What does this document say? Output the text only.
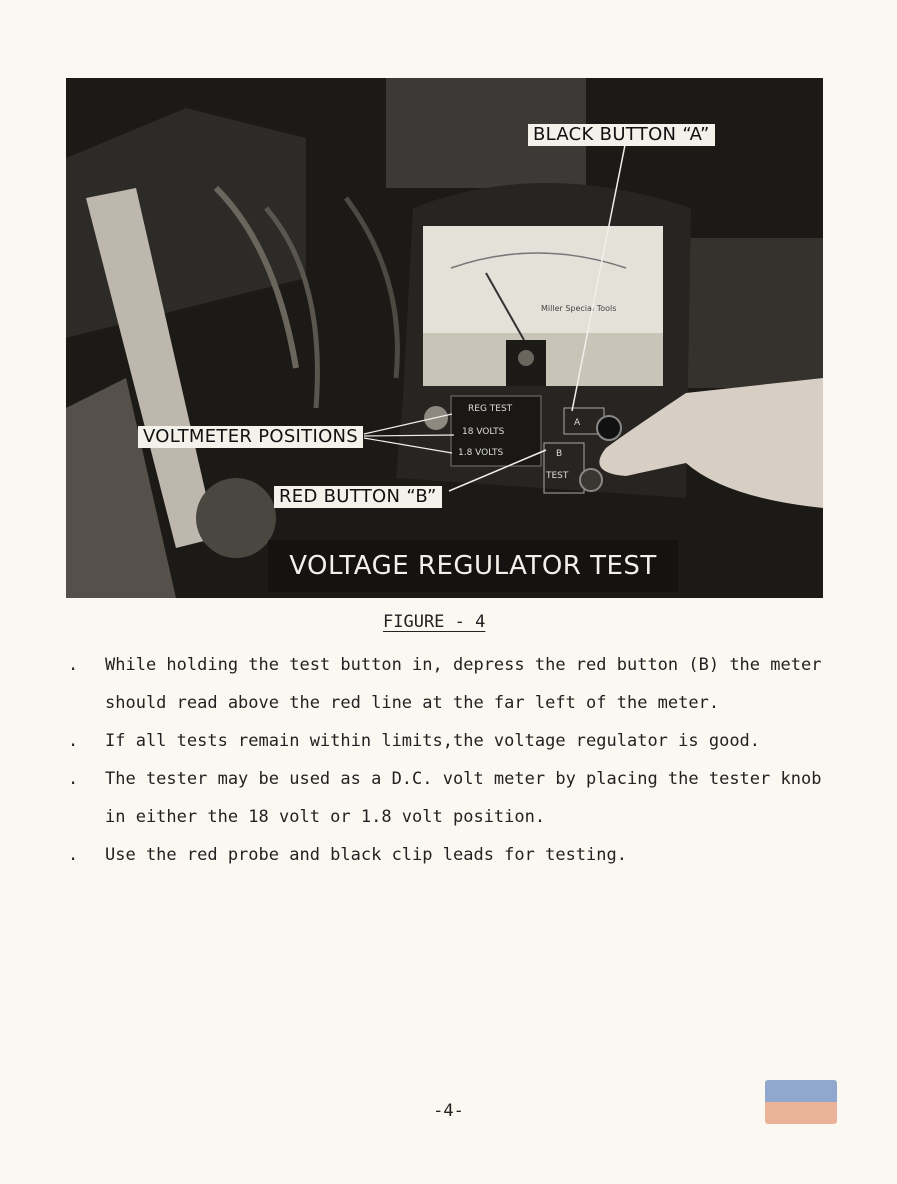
Miller Special Tools
REG TEST
18 VOLTS
1.8 VOLTS
A
B
TEST
BLACK BUTTON “A”
VOLTMETER POSITIONS
RED BUTTON “B”
VOLTAGE REGULATOR TEST
FIGURE - 4
.	While holding the test button in, depress the red button (B) the meter should read above the red line at the far left of the meter.
.	If all tests remain within limits,the voltage regulator is good.
.	The tester may be used as a D.C. volt meter by placing the tester knob in either the 18 volt or 1.8 volt position.
.	Use the red probe and black clip leads for testing.
-4-
